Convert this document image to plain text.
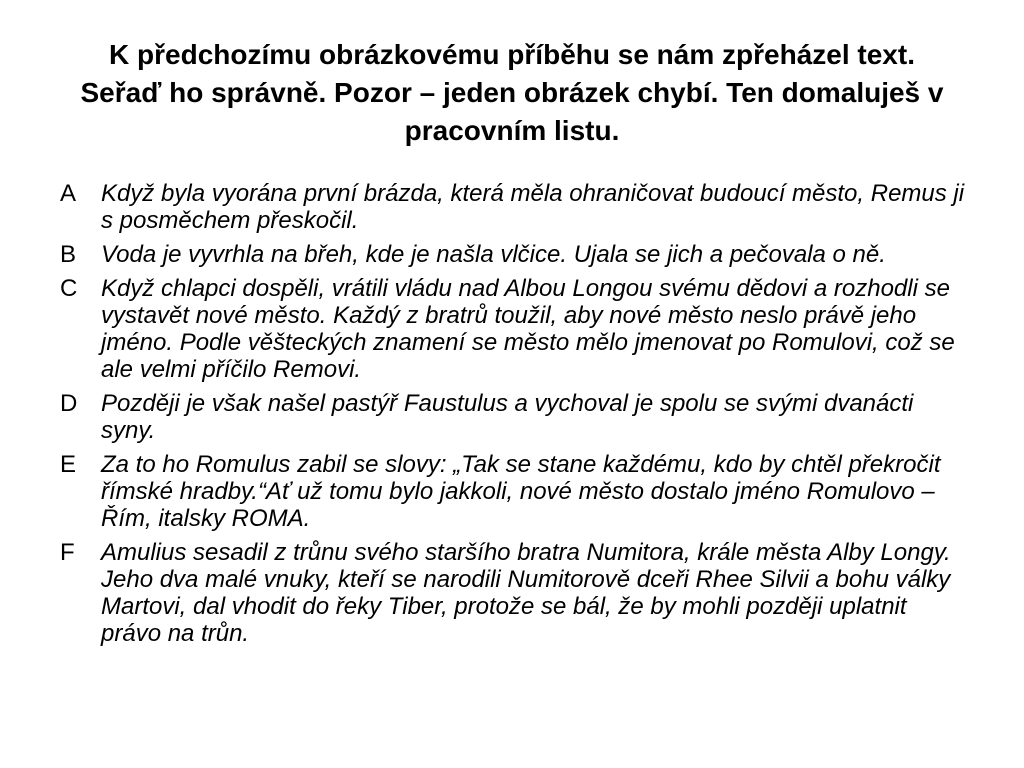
K předchozímu obrázkovému příběhu se nám zpřeházel text. Seřaď ho správně. Pozor – jeden obrázek chybí. Ten domaluješ v pracovním listu.
A	Když byla vyorána první brázda, která měla ohraničovat budoucí město, Remus ji s posměchem přeskočil.
B	Voda je vyvrhla na břeh, kde je našla vlčice. Ujala se jich a pečovala o ně.
C Když chlapci dospěli, vrátili vládu nad Albou Longou svému dědovi a rozhodli se vystavět nové město. Každý z bratrů toužil, aby nové město neslo právě jeho jméno. Podle věšteckých znamení se město mělo jmenovat po Romulovi, což se ale velmi příčilo Removi.
D Později je však našel pastýř Faustulus a vychoval je spolu se svými dvanácti syny.
E	Za to ho Romulus zabil se slovy: „Tak se stane každému, kdo by chtěl překročit římské hradby.“Ať už tomu bylo jakkoli, nové město dostalo jméno Romulovo – Řím, italsky ROMA.
F	Amulius sesadil z trůnu svého staršího bratra Numitora, krále města Alby Longy. Jeho dva malé vnuky, kteří se narodili Numitorově dceři Rhee Silvii a bohu války Martovi, dal vhodit do řeky Tiber, protože se bál, že by mohli později uplatnit právo na trůn.
